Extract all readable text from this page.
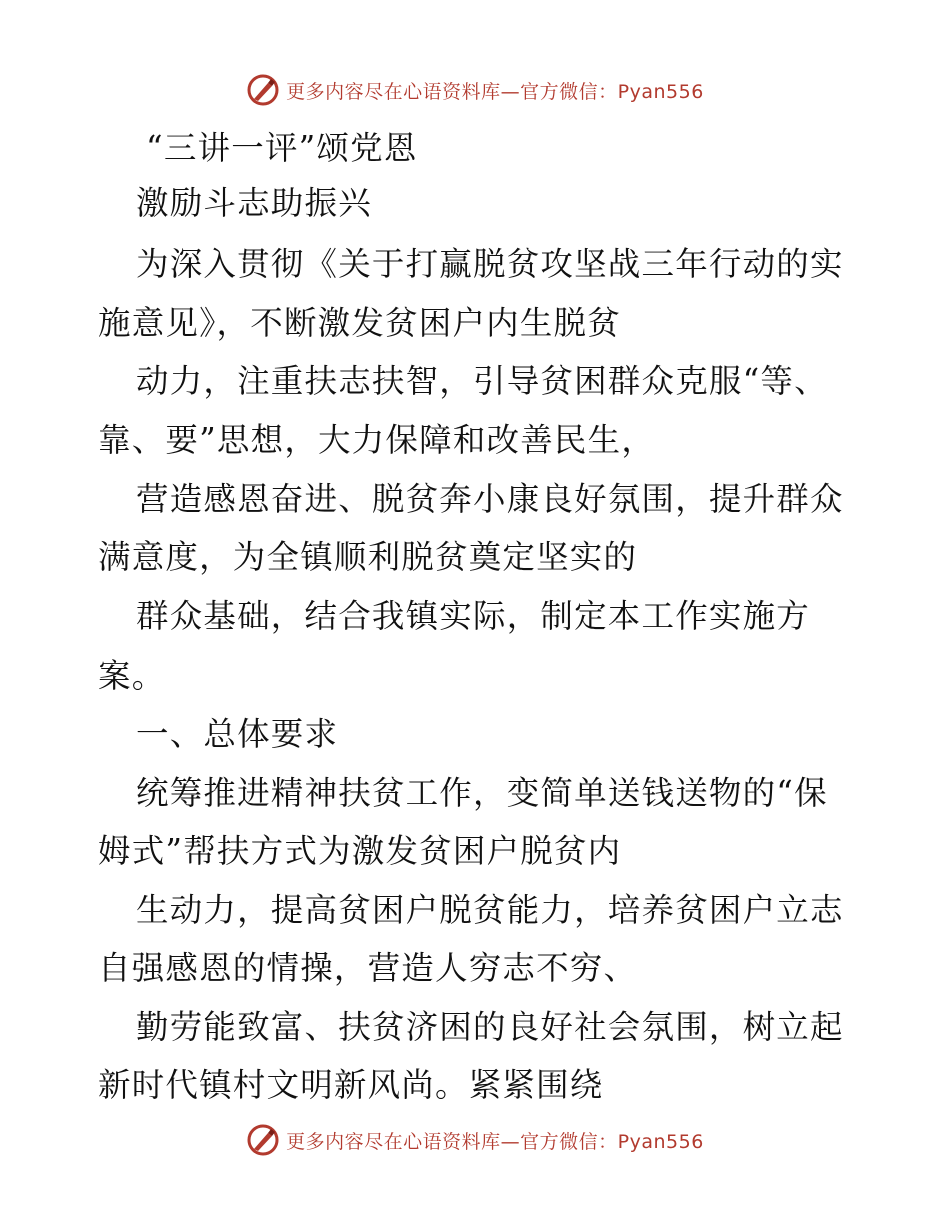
更多内容尽在心语资料库—官方微信：Pyan556
“三讲一评”颂党恩
激励斗志助振兴
为深入贯彻《关于打赢脱贫攻坚战三年行动的实
施意见》，不断激发贫困户内生脱贫
动力，注重扶志扶智，引导贫困群众克服“等、
靠、要”思想，大力保障和改善民生，
营造感恩奋进、脱贫奔小康良好氛围，提升群众
满意度，为全镇顺利脱贫奠定坚实的
群众基础，结合我镇实际，制定本工作实施方
案。
一、总体要求
统筹推进精神扶贫工作，变简单送钱送物的“保
姆式”帮扶方式为激发贫困户脱贫内
生动力，提高贫困户脱贫能力，培养贫困户立志
自强感恩的情操，营造人穷志不穷、
勤劳能致富、扶贫济困的良好社会氛围，树立起
新时代镇村文明新风尚。紧紧围绕
更多内容尽在心语资料库—官方微信：Pyan556
